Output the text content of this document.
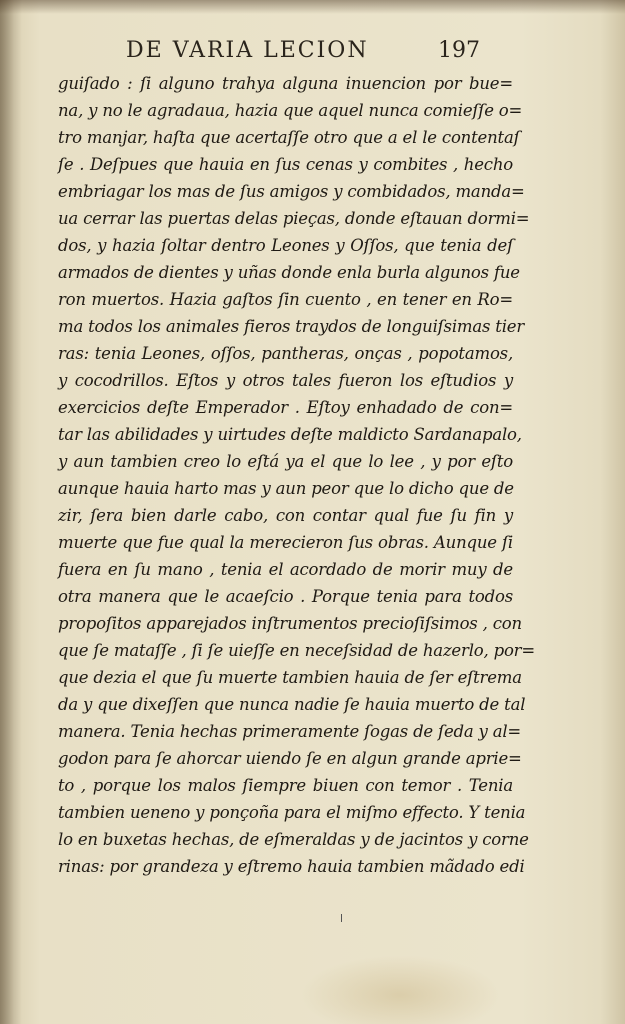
DE VARIA LECION	197
guiſado : ſi alguno trahya alguna inuencion por bue=
na, y no le agradaua, hazia que aquel nunca comieſſe o=
tro manjar, haſta que acertaſſe otro que a el le contentaſ
ſe . Deſpues que hauia en ſus cenas y combites , hecho
embriagar los mas de ſus amigos y combidados, manda=
ua cerrar las puertas delas pieças, donde eſtauan dormi=
dos, y hazia ſoltar dentro Leones y Oſſos, que tenia deſ
armados de dientes y uñas donde enla burla algunos fue
ron muertos. Hazia gaſtos ſin cuento , en tener en Ro=
ma todos los animales fieros traydos de longuiſsimas tier
ras: tenia Leones, oſſos, pantheras, onças , popotamos,
y cocodrillos. Eſtos y otros tales fueron los eſtudios y
exercicios deſte Emperador . Eſtoy enhadado de con=
tar las abilidades y uirtudes deſte maldicto Sardanapalo,
y aun tambien creo lo eſtá ya el que lo lee , y por eſto
aunque hauia harto mas y aun peor que lo dicho que de
zir, ſera bien darle cabo, con contar qual fue ſu fin y
muerte que fue qual la merecieron ſus obras. Aunque ſi
fuera en ſu mano , tenia el acordado de morir muy de
otra manera que le acaeſcio . Porque tenia para todos
propoſitos apparejados inſtrumentos precioſiſsimos , con
que ſe mataſſe , ſi ſe uieſſe en neceſsidad de hazerlo, por=
que dezia el que ſu muerte tambien hauia de ſer eſtrema
da y que dixeſſen que nunca nadie ſe hauia muerto de tal
manera. Tenia hechas primeramente ſogas de ſeda y al=
godon para ſe ahorcar uiendo ſe en algun grande aprie=
to , porque los malos ſiempre biuen con temor . Tenia
tambien ueneno y ponçoña para el miſmo effecto. Y tenia
lo en buxetas hechas, de eſmeraldas y de jacintos y corne
rinas: por grandeza y eſtremo hauia tambien mãdado edi
